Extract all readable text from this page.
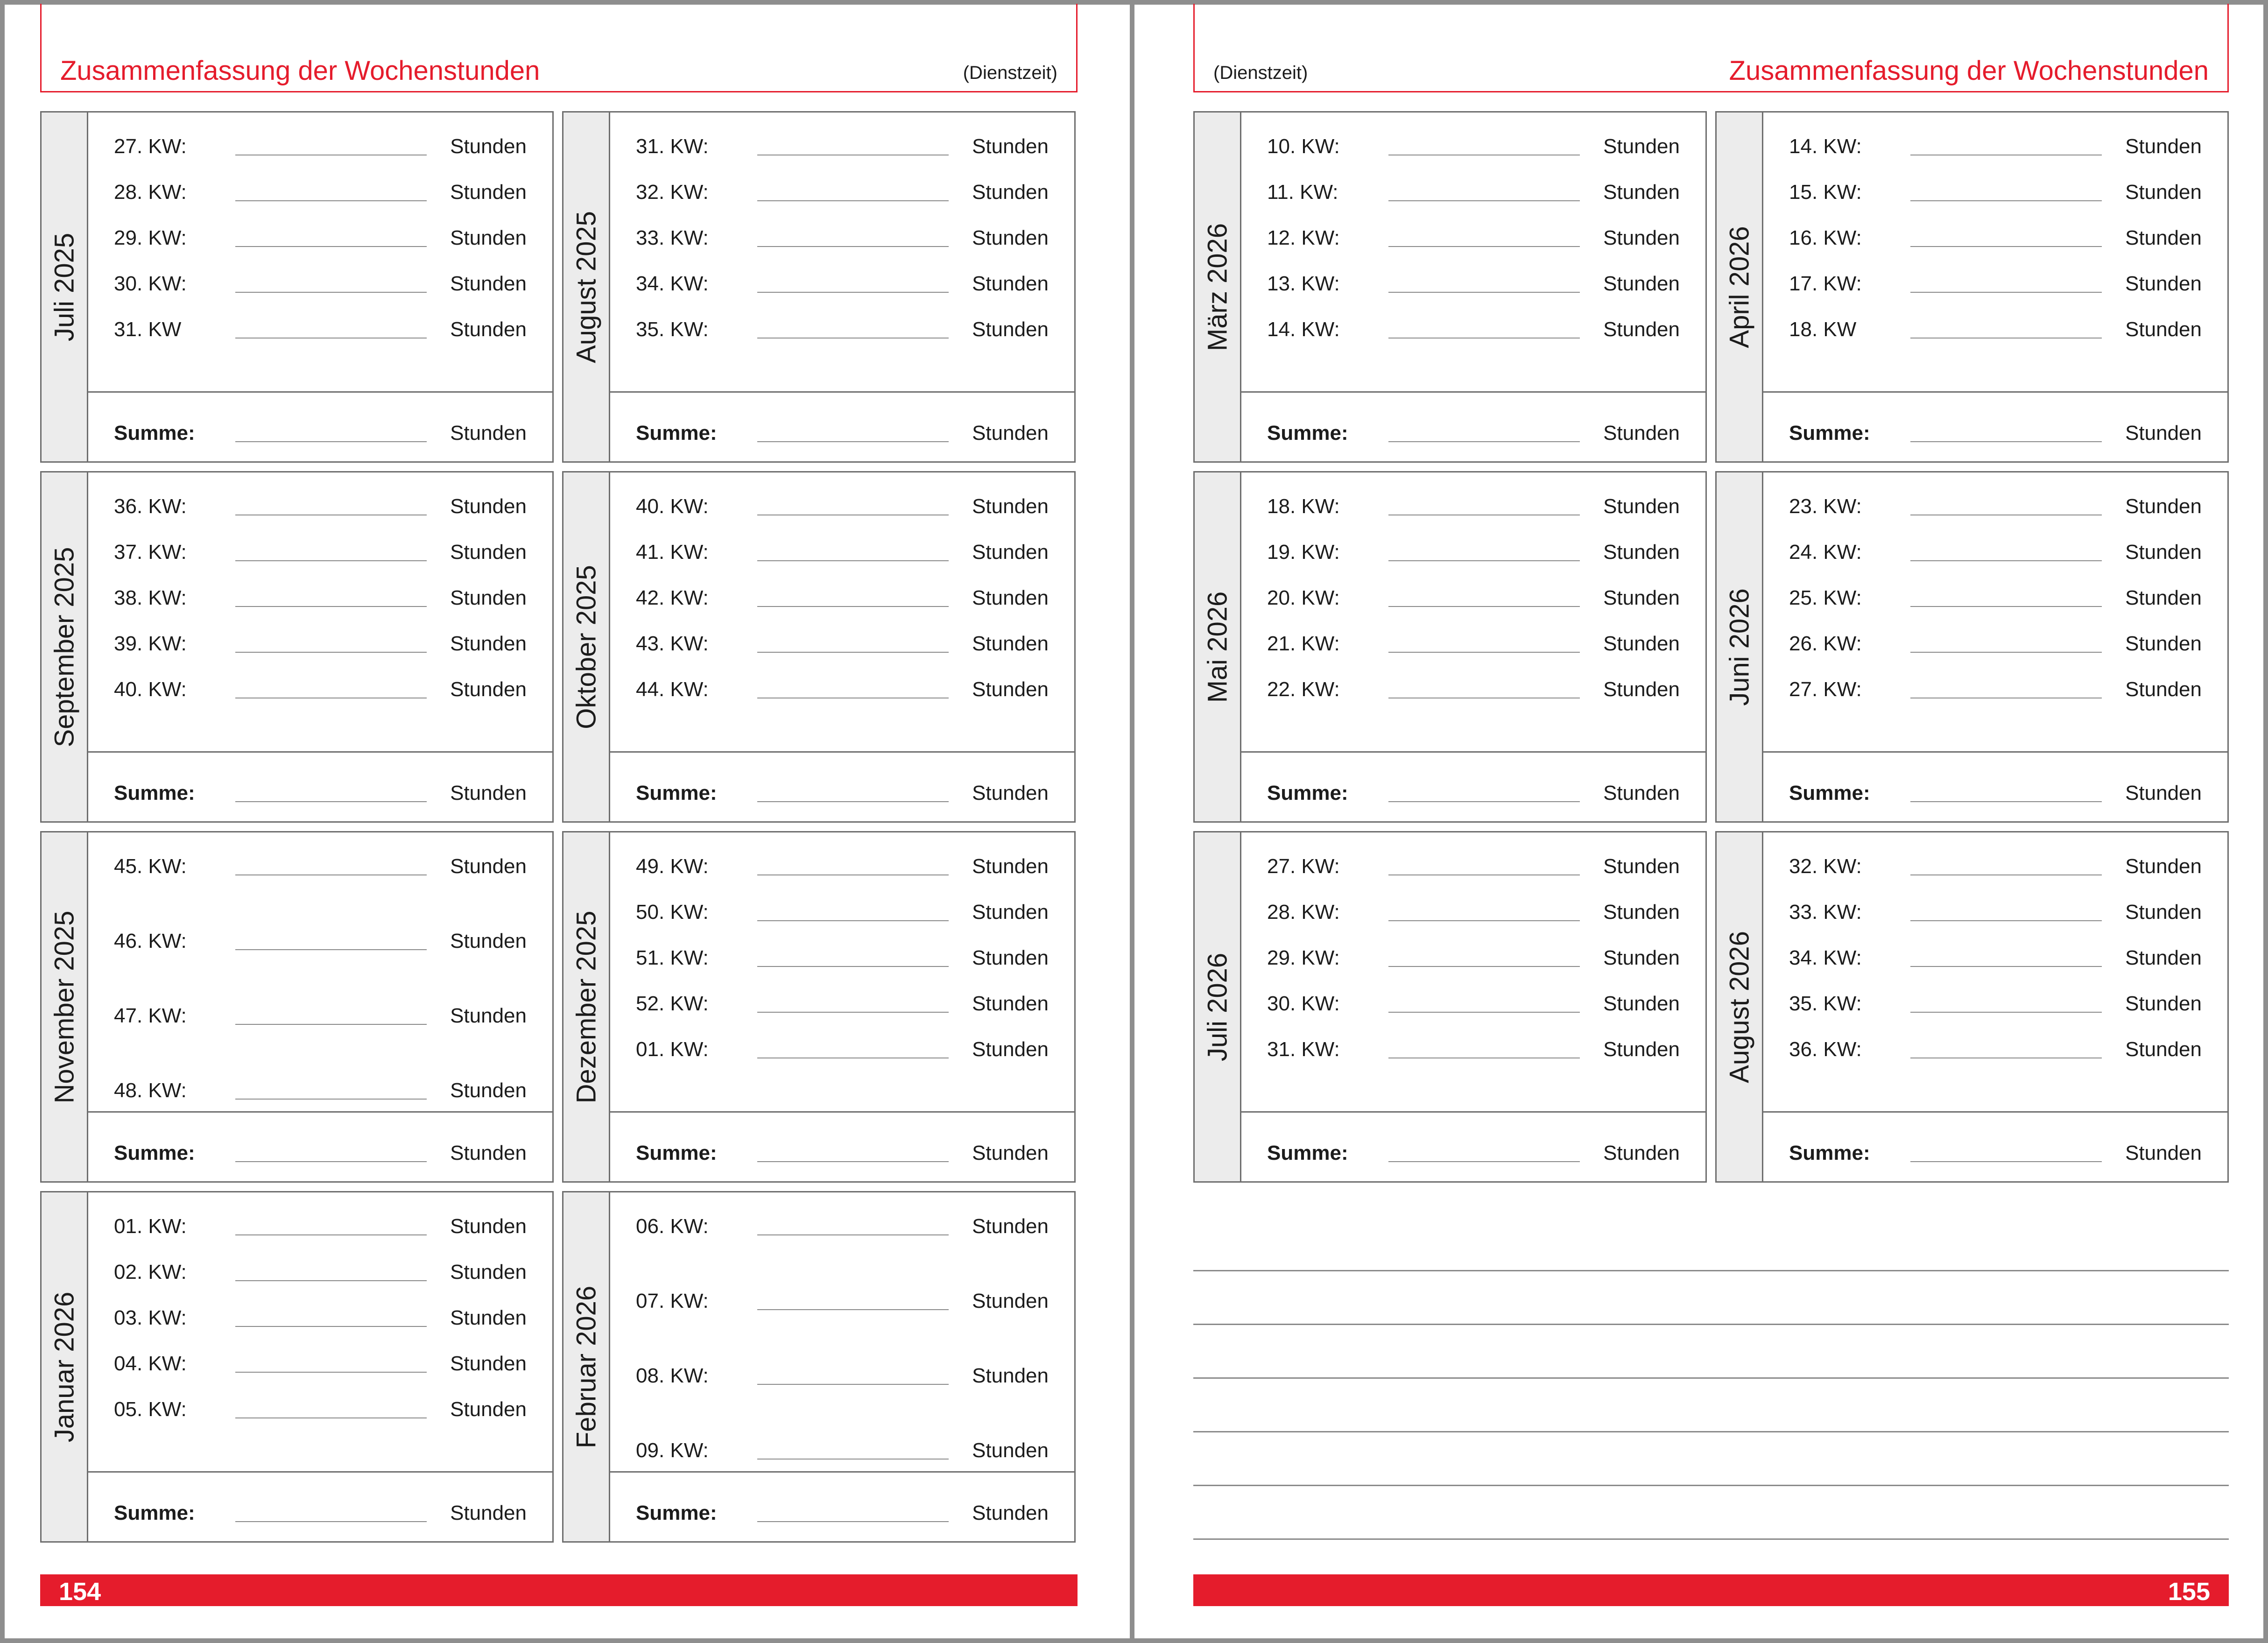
Zusammenfassung der Wochenstunden	(Dienstzeit)
Juli 2025
27. KW:	Stunden
28. KW:	Stunden
29. KW:	Stunden
30. KW:	Stunden
31. KW	Stunden
Summe:	Stunden
August 2025
31. KW:	Stunden
32. KW:	Stunden
33. KW:	Stunden
34. KW:	Stunden
35. KW:	Stunden
Summe:	Stunden
September 2025
36. KW:	Stunden
37. KW:	Stunden
38. KW:	Stunden
39. KW:	Stunden
40. KW:	Stunden
Summe:	Stunden
Oktober 2025
40. KW:	Stunden
41. KW:	Stunden
42. KW:	Stunden
43. KW:	Stunden
44. KW:	Stunden
Summe:	Stunden
November 2025
45. KW:	Stunden
46. KW:	Stunden
47. KW:	Stunden
48. KW:	Stunden
Summe:	Stunden
Dezember 2025
49. KW:	Stunden
50. KW:	Stunden
51. KW:	Stunden
52. KW:	Stunden
01. KW:	Stunden
Summe:	Stunden
Januar 2026
01. KW:	Stunden
02. KW:	Stunden
03. KW:	Stunden
04. KW:	Stunden
05. KW:	Stunden
Summe:	Stunden
Februar 2026
06. KW:	Stunden
07. KW:	Stunden
08. KW:	Stunden
09. KW:	Stunden
Summe:	Stunden
154
(Dienstzeit)	Zusammenfassung der Wochenstunden
März 2026
10. KW:	Stunden
11. KW:	Stunden
12. KW:	Stunden
13. KW:	Stunden
14. KW:	Stunden
Summe:	Stunden
April 2026
14. KW:	Stunden
15. KW:	Stunden
16. KW:	Stunden
17. KW:	Stunden
18. KW	Stunden
Summe:	Stunden
Mai 2026
18. KW:	Stunden
19. KW:	Stunden
20. KW:	Stunden
21. KW:	Stunden
22. KW:	Stunden
Summe:	Stunden
Juni 2026
23. KW:	Stunden
24. KW:	Stunden
25. KW:	Stunden
26. KW:	Stunden
27. KW:	Stunden
Summe:	Stunden
Juli 2026
27. KW:	Stunden
28. KW:	Stunden
29. KW:	Stunden
30. KW:	Stunden
31. KW:	Stunden
Summe:	Stunden
August 2026
32. KW:	Stunden
33. KW:	Stunden
34. KW:	Stunden
35. KW:	Stunden
36. KW:	Stunden
Summe:	Stunden
155
